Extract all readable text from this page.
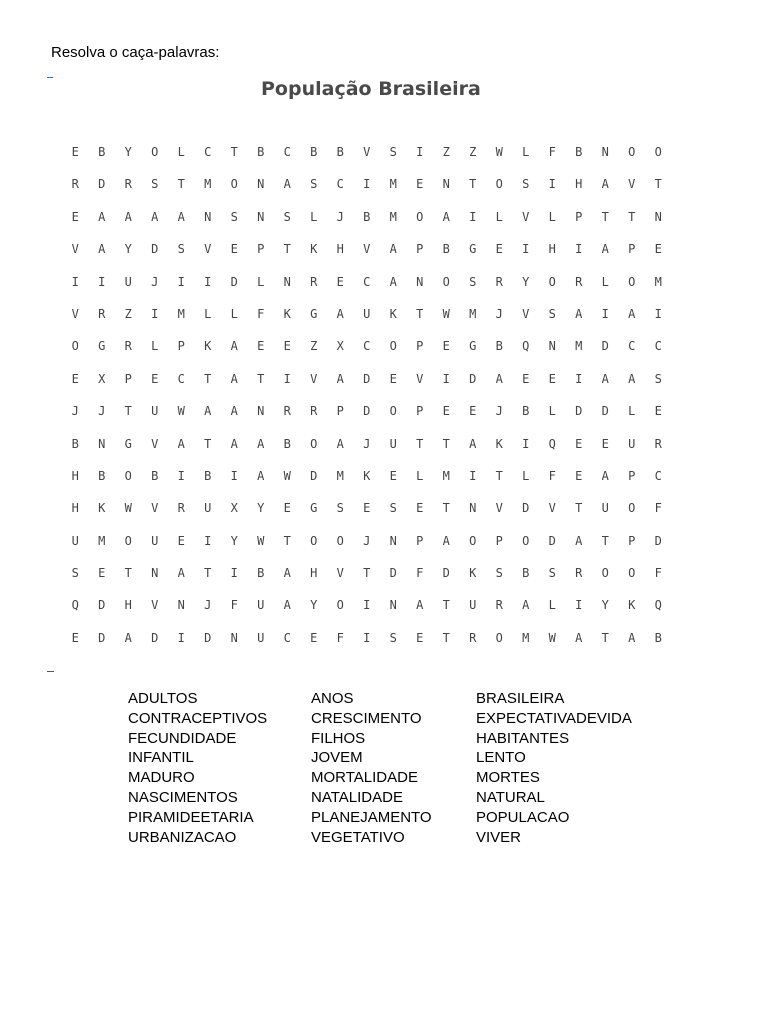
Resolva o caça-palavras:
População Brasileira
E	B	Y	O	L	C	T	B	C	B	B	V	S	I	Z	Z	W	L	F	B	N	O	O
R	D	R	S	T	M	O	N	A	S	C	I	M	E	N	T	O	S	I	H	A	V	T
E	A	A	A	A	N	S	N	S	L	J	B	M	O	A	I	L	V	L	P	T	T	N
V	A	Y	D	S	V	E	P	T	K	H	V	A	P	B	G	E	I	H	I	A	P	E
I	I	U	J	I	I	D	L	N	R	E	C	A	N	O	S	R	Y	O	R	L	O	M
V	R	Z	I	M	L	L	F	K	G	A	U	K	T	W	M	J	V	S	A	I	A	I
O	G	R	L	P	K	A	E	E	Z	X	C	O	P	E	G	B	Q	N	M	D	C	C
E	X	P	E	C	T	A	T	I	V	A	D	E	V	I	D	A	E	E	I	A	A	S
J	J	T	U	W	A	A	N	R	R	P	D	O	P	E	E	J	B	L	D	D	L	E
B	N	G	V	A	T	A	A	B	O	A	J	U	T	T	A	K	I	Q	E	E	U	R
H	B	O	B	I	B	I	A	W	D	M	K	E	L	M	I	T	L	F	E	A	P	C
H	K	W	V	R	U	X	Y	E	G	S	E	S	E	T	N	V	D	V	T	U	O	F
U	M	O	U	E	I	Y	W	T	O	O	J	N	P	A	O	P	O	D	A	T	P	D
S	E	T	N	A	T	I	B	A	H	V	T	D	F	D	K	S	B	S	R	O	O	F
Q	D	H	V	N	J	F	U	A	Y	O	I	N	A	T	U	R	A	L	I	Y	K	Q
E	D	A	D	I	D	N	U	C	E	F	I	S	E	T	R	O	M	W	A	T	A	B
ADULTOS	ANOS	BRASILEIRA
CONTRACEPTIVOS	CRESCIMENTO	EXPECTATIVADEVIDA
FECUNDIDADE	FILHOS	HABITANTES
INFANTIL	JOVEM	LENTO
MADURO	MORTALIDADE	MORTES
NASCIMENTOS	NATALIDADE	NATURAL
PIRAMIDEETARIA	PLANEJAMENTO	POPULACAO
URBANIZACAO	VEGETATIVO	VIVER
